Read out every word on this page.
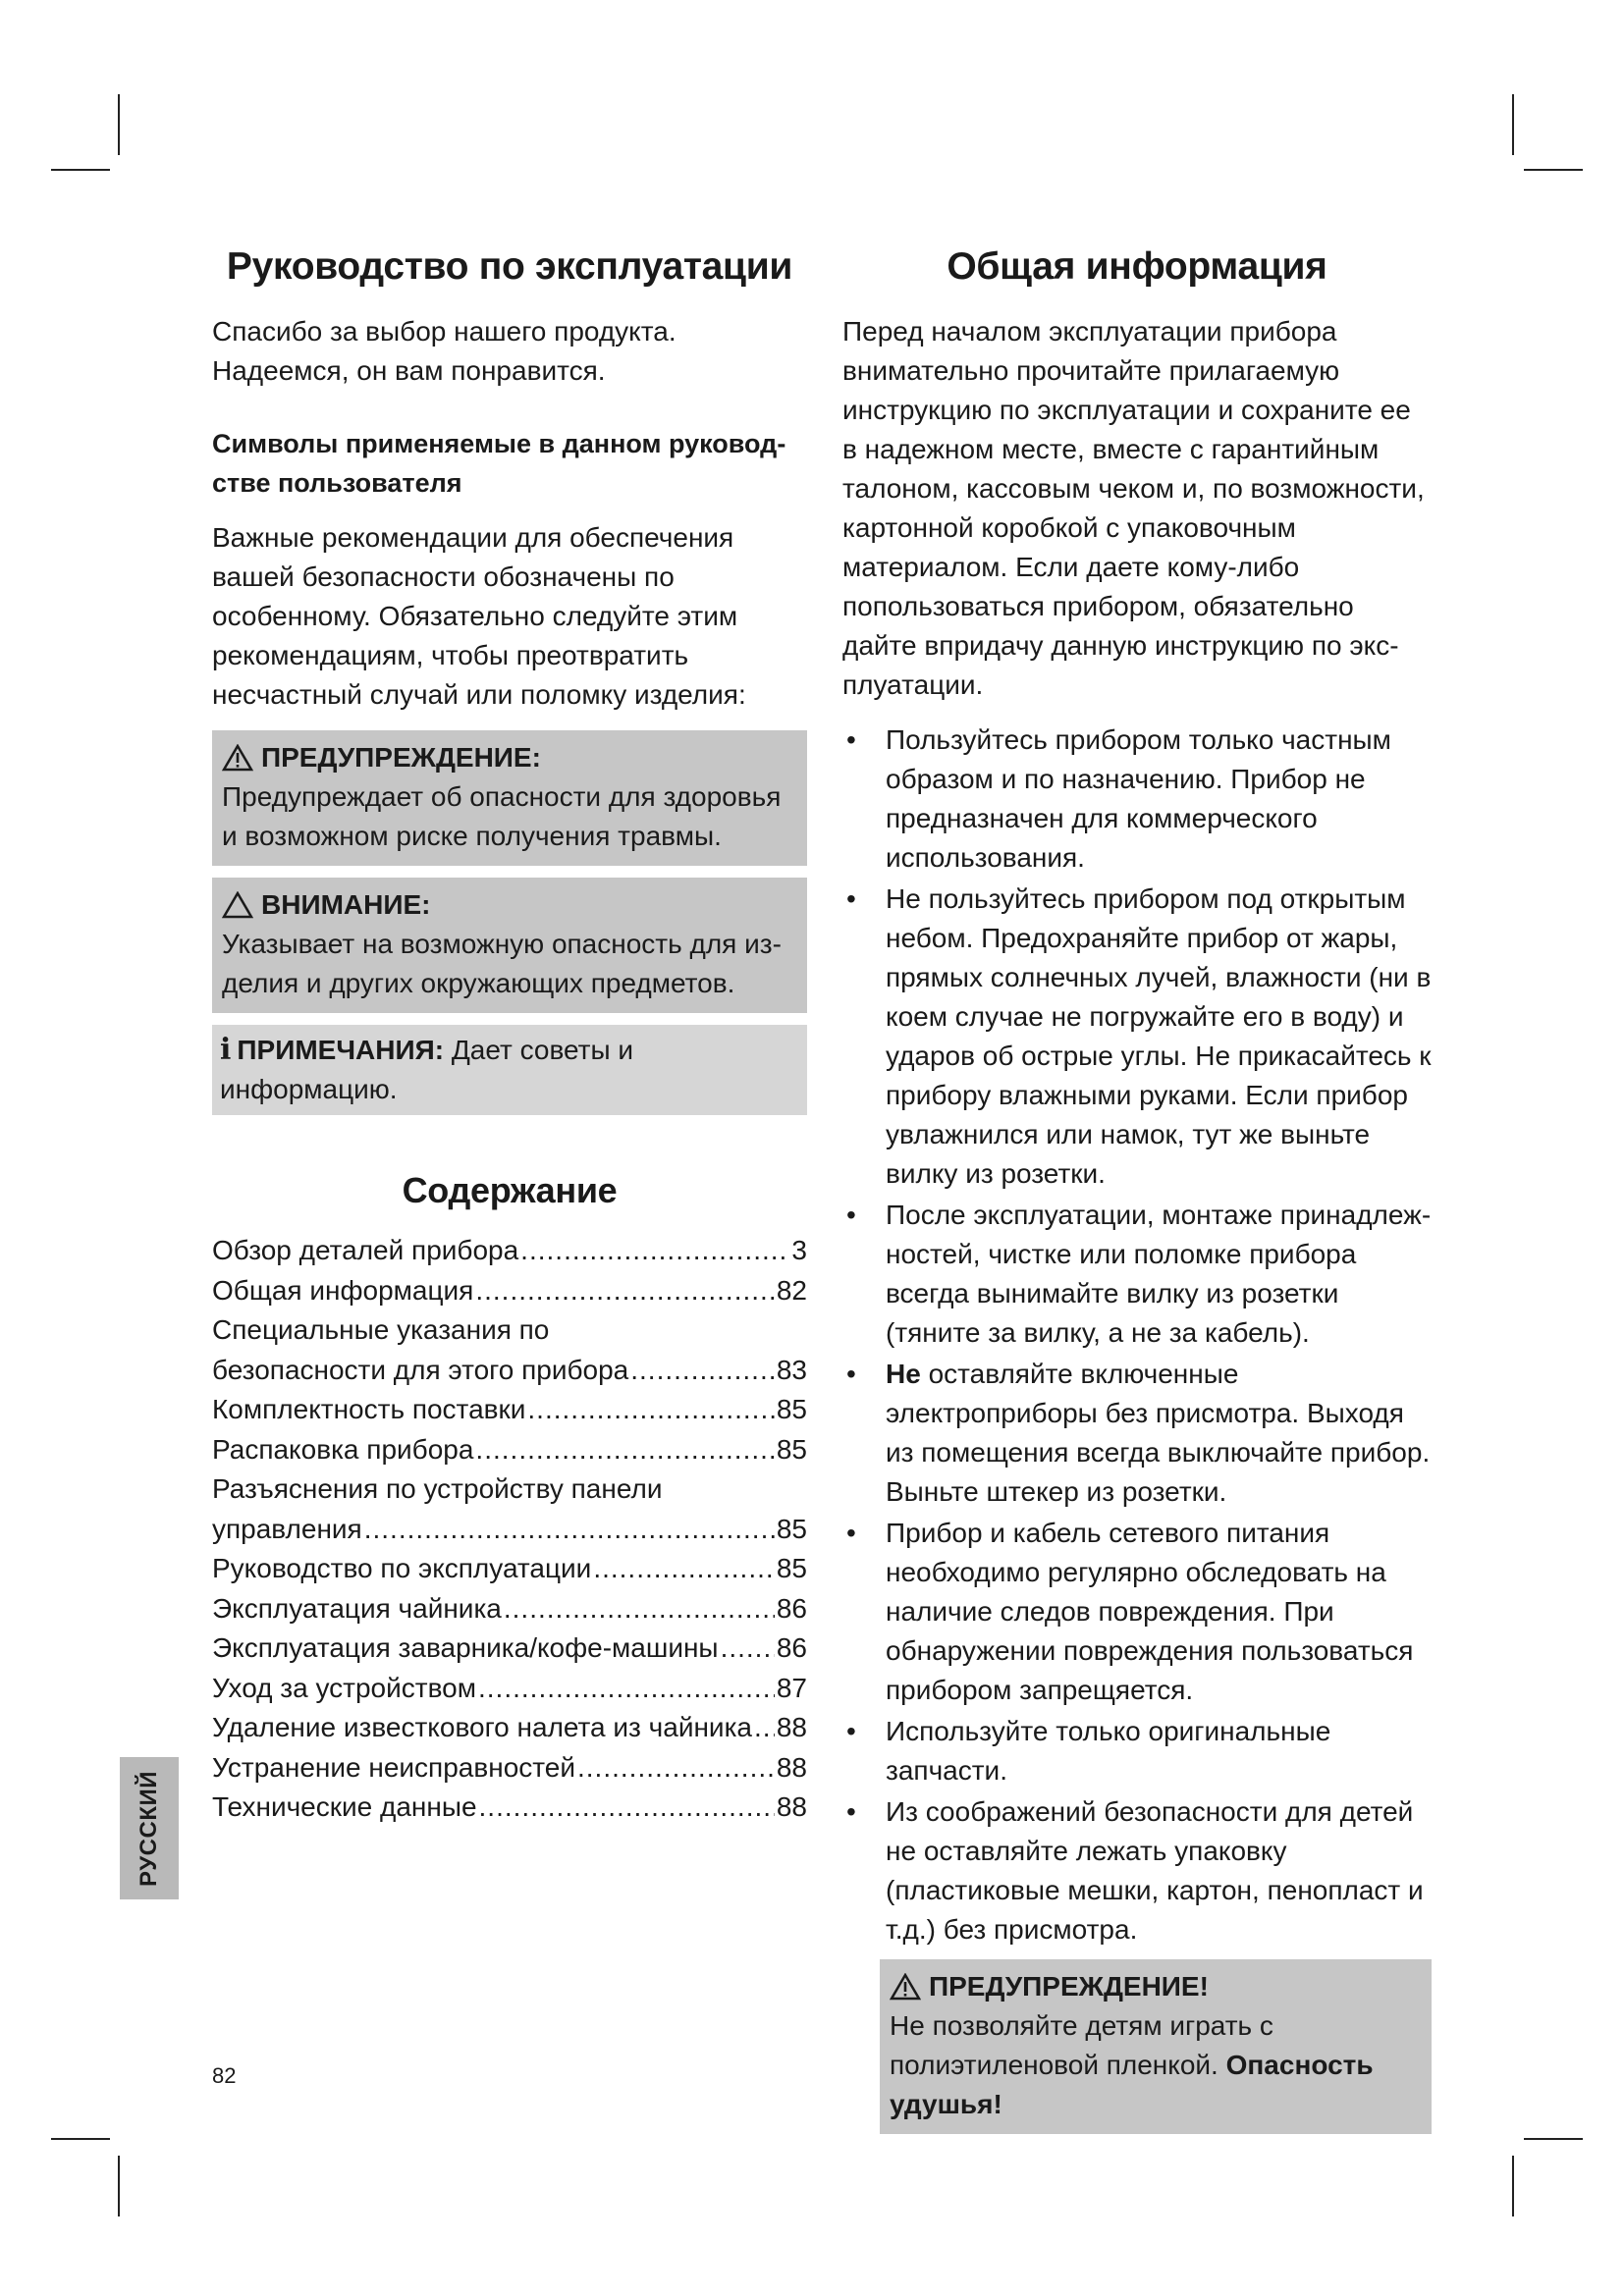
Руководство по эксплуатации

Спасибо за выбор нашего продукта. Надеемся, он вам понравится.

Символы применяемые в данном руководстве пользователя

Важные рекомендации для обеспечения вашей безопасности обозначены по особенному. Обязательно следуйте этим рекомендациям, чтобы преотвратить несчастный случай или поломку изделия:

ПРЕДУПРЕЖДЕНИЕ:

Предупреждает об опасности для здоровья и возможном риске получения травмы.

ВНИМАНИЕ:

Указывает на возможную опасность для изделия и других окружающих предметов.

i ПРИМЕЧАНИЯ: Дает советы и информацию.
Содержание
Обзор деталей прибора .....	3
Общая информация .....	82
Специальные указания по
безопасности для этого прибора .....	83
Комплектность поставки .....	85
Распаковка прибора .....	85
Разъяснения по устройству панели
управления .....	85
Руководство по эксплуатации .....	85
Эксплуатация чайника .....	86
Эксплуатация заварника/кофе-машины ..... 86
Уход за устройством .....	87
Удаление известкового налета из чайника ..... 88
Устранение неисправностей .....	88
Технические данные .....	88
Общая информация

Перед началом эксплуатации прибора внимательно прочитайте прилагаемую инструкцию по эксплуатации и сохраните ее в надежном месте, вместе с гарантийным талоном, кассовым чеком и, по возможности, картонной коробкой с упаковочным материалом. Если даете кому-либо попользоваться прибором, обязательно дайте впридачу данную инструкцию по эксплуатации.

• Пользуйтесь прибором только частным образом и по назначению. Прибор не предназначен для коммерческого использования.
• Не пользуйтесь прибором под открытым небом. Предохраняйте прибор от жары, прямых солнечных лучей, влажности (ни в коем случае не погружайте его в воду) и ударов об острые углы. Не прикасайтесь к прибору влажными руками. Если прибор увлажнился или намок, тут же выньте вилку из розетки.
• После эксплуатации, монтаже принадлежностей, чистке или поломке прибора всегда вынимайте вилку из розетки (тяните за вилку, а не за кабель).
• Не оставляйте включенные электроприборы без присмотра. Выходя из помещения всегда выключайте прибор. Выньте штекер из розетки.
• Прибор и кабель сетевого питания необходимо регулярно обследовать на наличие следов повреждения. При обнаружении повреждения пользоваться прибором запрещяется.
• Используйте только оригинальные запчасти.
• Из соображений безопасности для детей не оставляйте лежать упаковку (пластиковые мешки, картон, пенопласт и т.д.) без присмотра.
ПРЕДУПРЕЖДЕНИЕ!

Не позволяйте детям играть с полиэтиленовой пленкой. Опасность удушья!

РУССКИЙ
82
